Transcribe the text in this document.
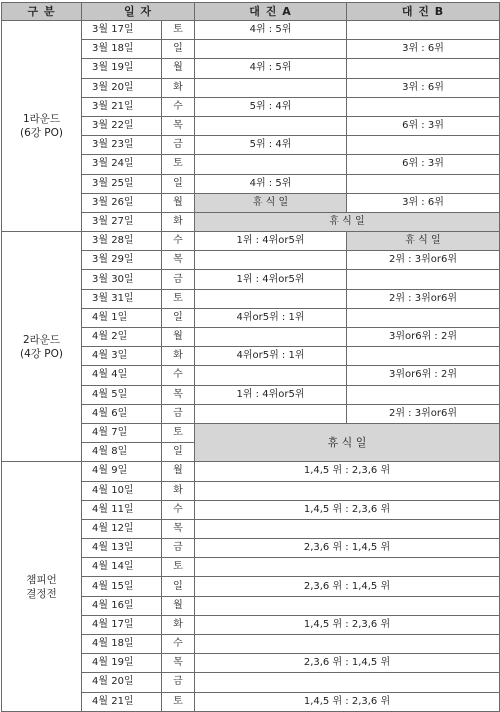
구 분	일 자		대 진 A	대 진 B

1라운드
(6강 PO)	3월 17일	토	4위 : 5위	
	3월 18일	일		3위 : 6위
	3월 19일	월	4위 : 5위	
	3월 20일	화		3위 : 6위
	3월 21일	수	5위 : 4위	
	3월 22일	목		6위 : 3위
	3월 23일	금	5위 : 4위	
	3월 24일	토		6위 : 3위
	3월 25일	일	4위 : 5위	
	3월 26일	월	휴 식 일	3위 : 6위
	3월 27일	화	휴 식 일	

2라운드
(4강 PO)	3월 28일	수	1위 : 4위or5위	휴 식 일
	3월 29일	목		2위 : 3위or6위
	3월 30일	금	1위 : 4위or5위	
	3월 31일	토		2위 : 3위or6위
	4월 1일	일	4위or5위 : 1위	
	4월 2일	월		3위or6위 : 2위
	4월 3일	화	4위or5위 : 1위	
	4월 4일	수		3위or6위 : 2위
	4월 5일	목	1위 : 4위or5위	
	4월 6일	금		2위 : 3위or6위
	4월 7일	토	휴 식 일	
	4월 8일	일		

챔피언
결정전	4월 9일	월	1,4,5 위 : 2,3,6 위	
	4월 10일	화		
	4월 11일	수	1,4,5 위 : 2,3,6 위	
	4월 12일	목		
	4월 13일	금	2,3,6 위 : 1,4,5 위	
	4월 14일	토		
	4월 15일	일	2,3,6 위 : 1,4,5 위	
	4월 16일	월		
	4월 17일	화	1,4,5 위 : 2,3,6 위	
	4월 18일	수		
	4월 19일	목	2,3,6 위 : 1,4,5 위	
	4월 20일	금		
	4월 21일	토	1,4,5 위 : 2,3,6 위	
